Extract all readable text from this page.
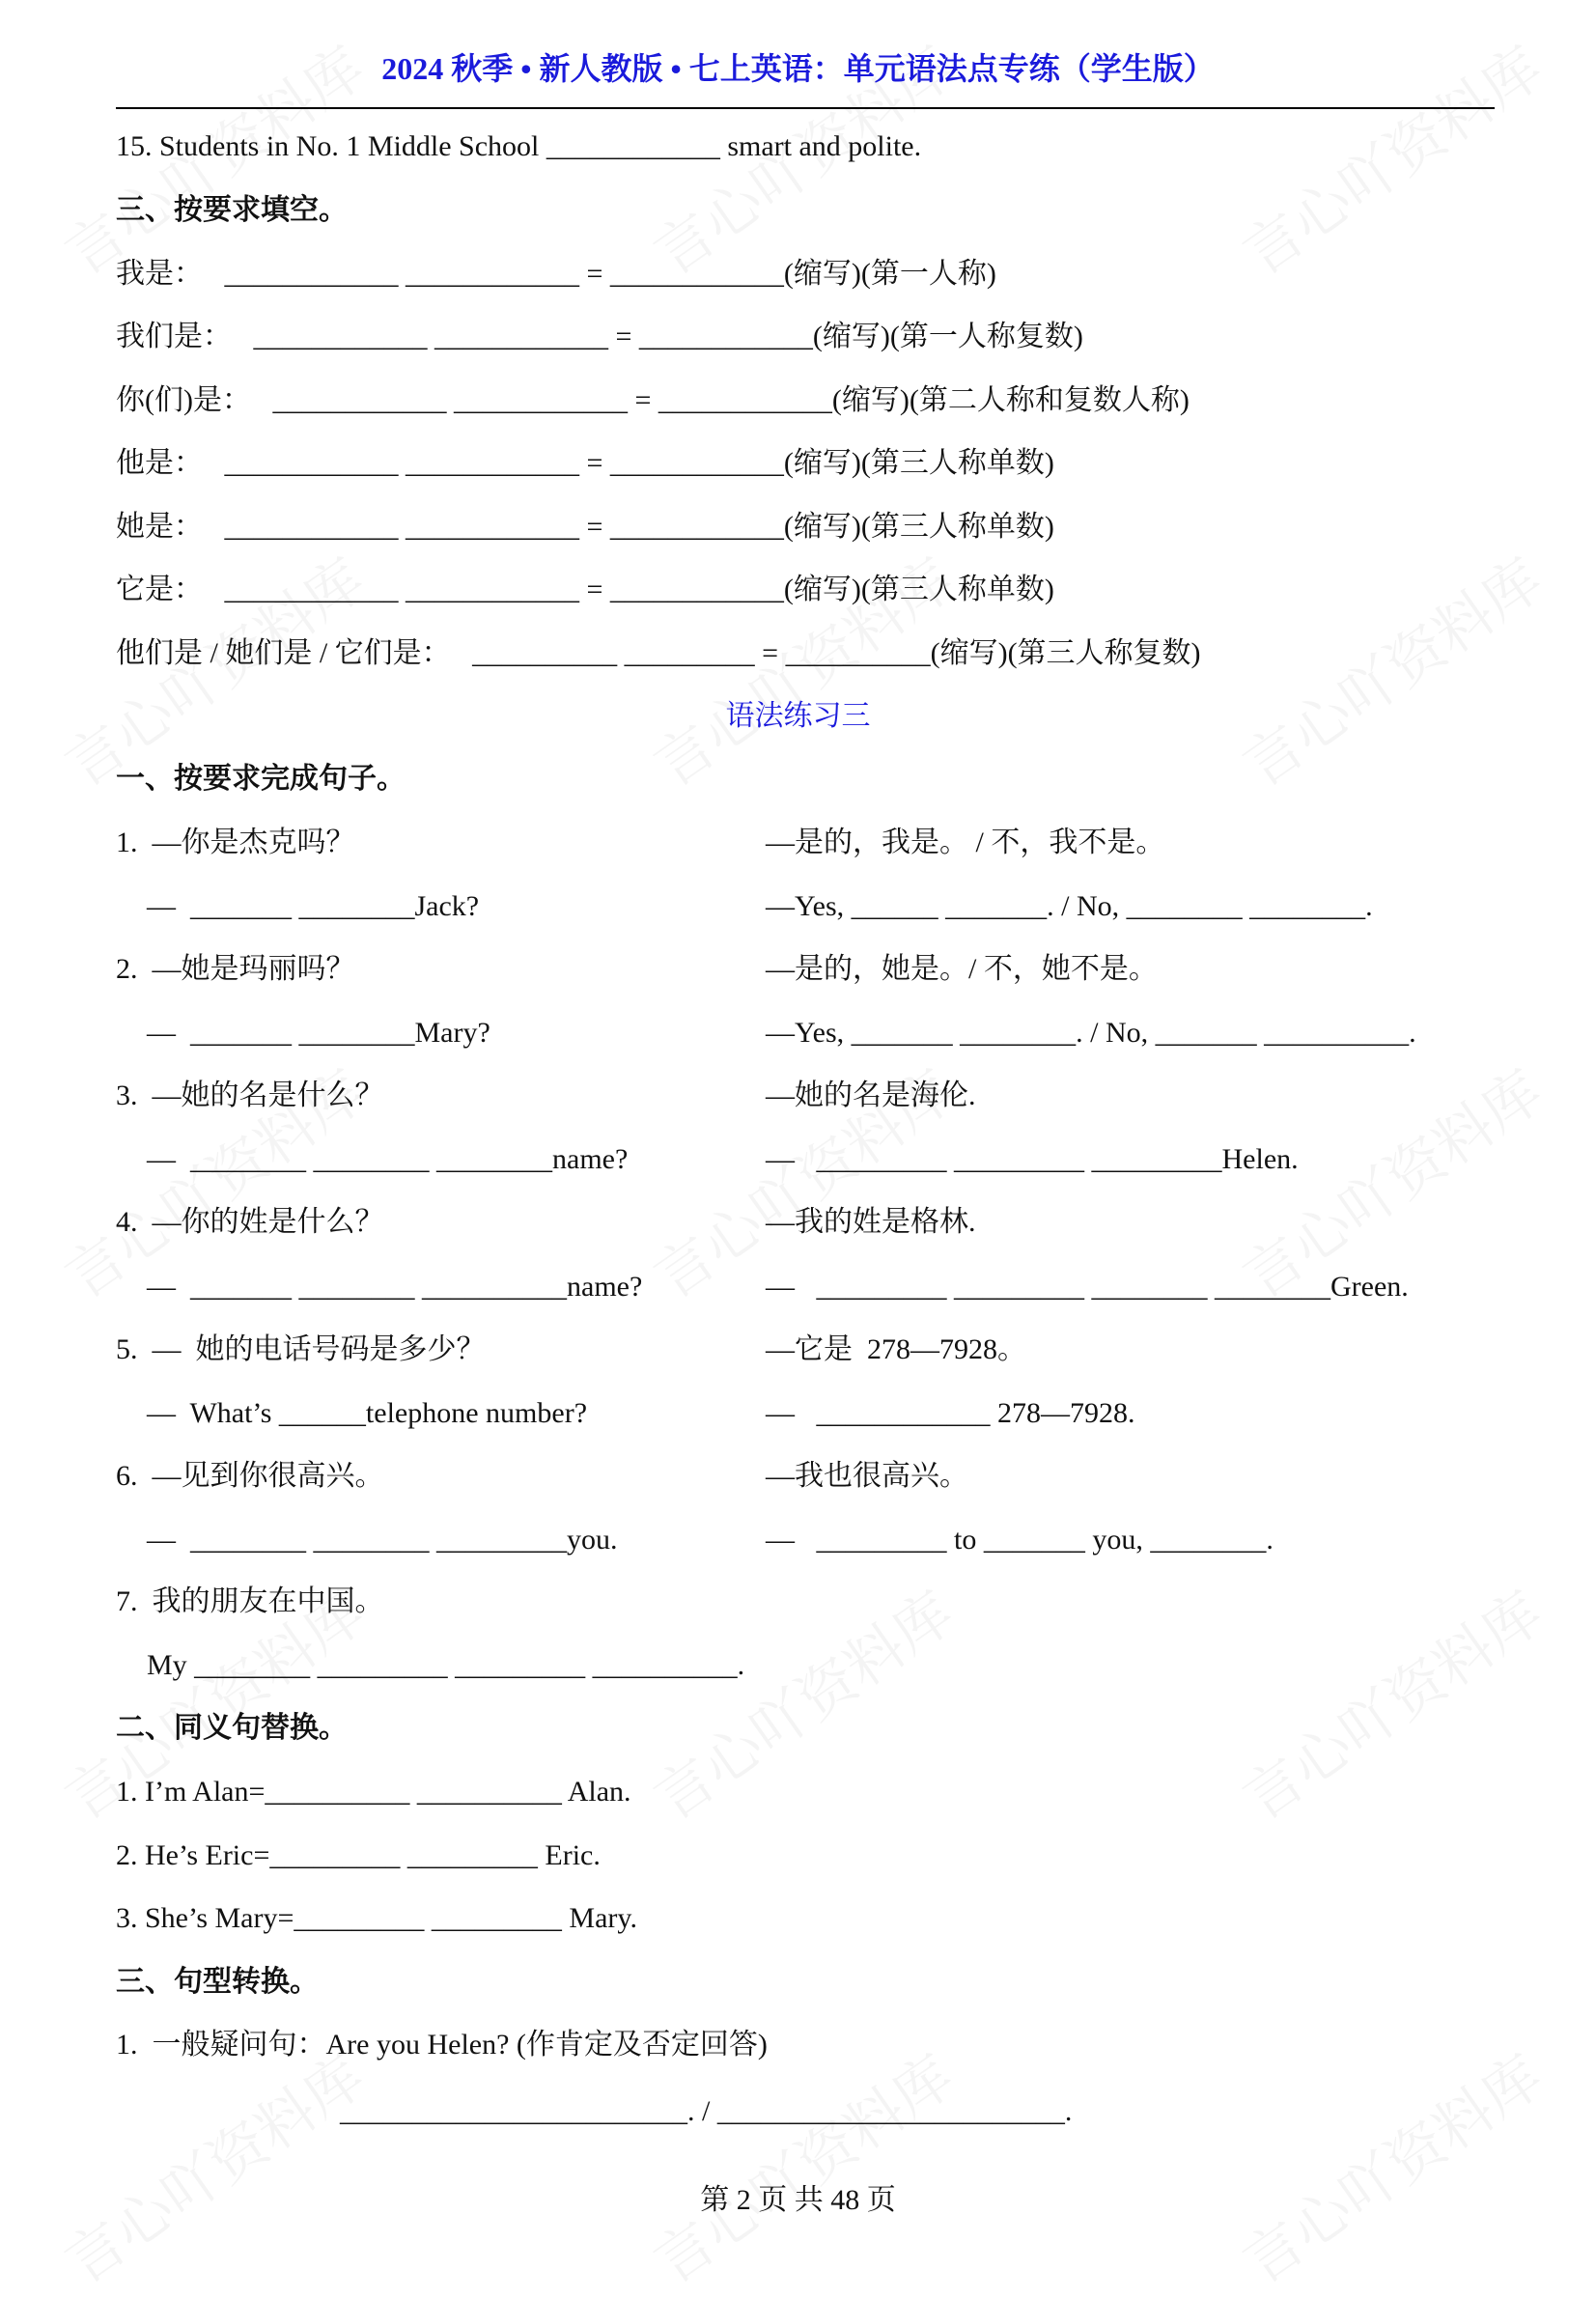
2024 秋季 • 新人教版 • 七上英语：单元语法点专练（学生版）
15. Students in No. 1 Middle School ____________ smart and polite.
三、按要求填空。
我是：   ____________ ____________ = ____________(缩写)(第一人称)
我们是：   ____________ ____________ = ____________(缩写)(第一人称复数)
你(们)是：   ____________ ____________ = ____________(缩写)(第二人称和复数人称)
他是：   ____________ ____________ = ____________(缩写)(第三人称单数)
她是：   ____________ ____________ = ____________(缩写)(第三人称单数)
它是：   ____________ ____________ = ____________(缩写)(第三人称单数)
他们是 / 她们是 / 它们是：   __________ _________ = __________(缩写)(第三人称复数)
语法练习三
一、按要求完成句子。
1.  —你是杰克吗？	—是的，我是。 / 不，我不是。
—  _______ ________Jack?	—Yes, ______ _______. / No, ________ ________.
2.  —她是玛丽吗？	—是的，她是。/ 不，她不是。
—  _______ ________Mary?	—Yes, _______ ________. / No, _______ __________.
3.  —她的名是什么？	—她的名是海伦.
—  ________ ________ ________name?	—   _________ _________ _________Helen.
4.  —你的姓是什么？	—我的姓是格林.
—  _______ ________ __________name?	—   _________ _________ ________ ________Green.
5.  —  她的电话号码是多少？	—它是  278—7928。
—  What’s ______telephone number?	—   ____________ 278—7928.
6.  —见到你很高兴。	—我也很高兴。
—  ________ ________ _________you.	—   _________ to _______ you, ________.
7.  我的朋友在中国。
My ________ _________ _________ __________.
二、同义句替换。
1. I’m Alan=__________ __________ Alan.
2. He’s Eric=_________ _________ Eric.
3. She’s Mary=_________ _________ Mary.
三、句型转换。
1.  一般疑问句：Are you Helen? (作肯定及否定回答)
________________________. / ________________________.
第 2 页 共 48 页
